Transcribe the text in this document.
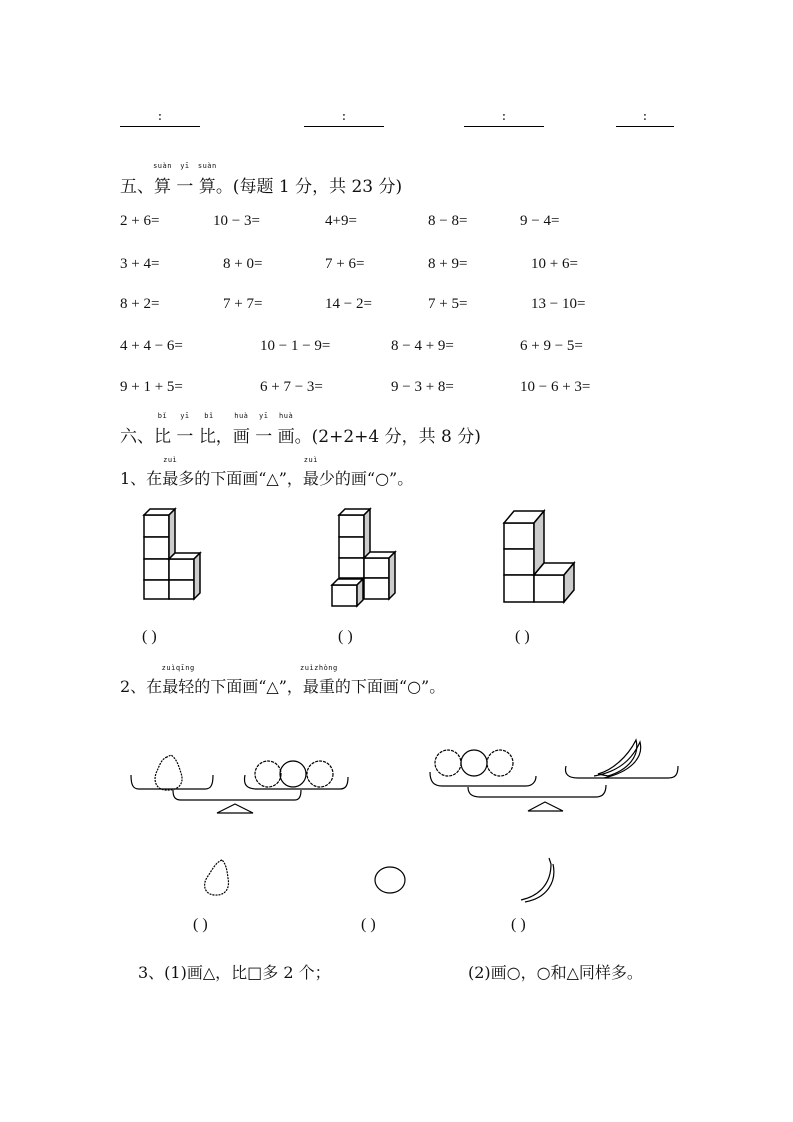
:	:	:	:
五、
suàn
算
yī
一
suàn
算。(每题 1 分，共 23 分)
2 + 6=	10 − 3=	4+9=	8 − 8=	9 − 4=
3 + 4=	8 + 0=	7 + 6=	8 + 9=	10 + 6=
8 + 2=	7 + 7=	14 − 2=	7 + 5=	13 − 10=
4 + 4 − 6=	10 − 1 − 9=	8 − 4 + 9=	6 + 9 − 5=
9 + 1 + 5=	6 + 7 − 3=	9 − 3 + 8=	10 − 6 + 3=
六、
bǐ
比
yī
一
bǐ
比，
huà
画
yī
一
huà
画。(2+2+4 分，共 8 分)
1、在
zuì
最多的下面画“△”，
zuì
最少的画“○”。
( )	( )	( )
2、在
zuìqīng
最轻的下面画“△”，
zuìzhòng
最重的下面画“○”。
( )	( )	( )
3、(1)画△，比□多 2 个；	(2)画○，○和△同样多。
